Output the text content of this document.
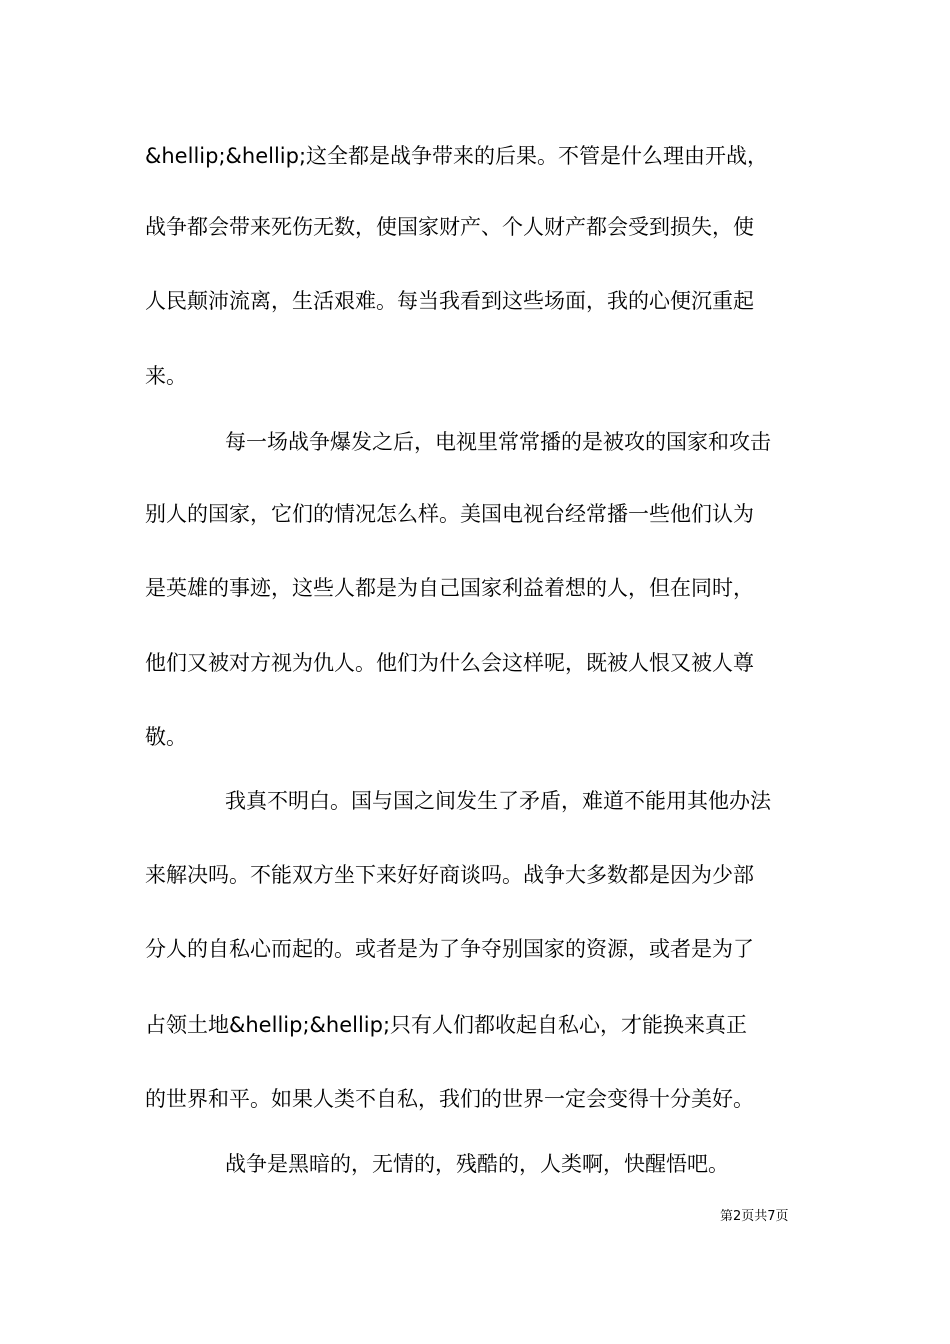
&hellip;&hellip;这全都是战争带来的后果。不管是什么理由开战，
战争都会带来死伤无数，使国家财产、个人财产都会受到损失，使
人民颠沛流离，生活艰难。每当我看到这些场面，我的心便沉重起
来。
每一场战争爆发之后，电视里常常播的是被攻的国家和攻击
别人的国家，它们的情况怎么样。美国电视台经常播一些他们认为
是英雄的事迹，这些人都是为自己国家利益着想的人，但在同时，
他们又被对方视为仇人。他们为什么会这样呢，既被人恨又被人尊
敬。
我真不明白。国与国之间发生了矛盾，难道不能用其他办法
来解决吗。不能双方坐下来好好商谈吗。战争大多数都是因为少部
分人的自私心而起的。或者是为了争夺别国家的资源，或者是为了
占领土地&hellip;&hellip;只有人们都收起自私心，才能换来真正
的世界和平。如果人类不自私，我们的世界一定会变得十分美好。
战争是黑暗的，无情的，残酷的，人类啊，快醒悟吧。
第2页共7页
